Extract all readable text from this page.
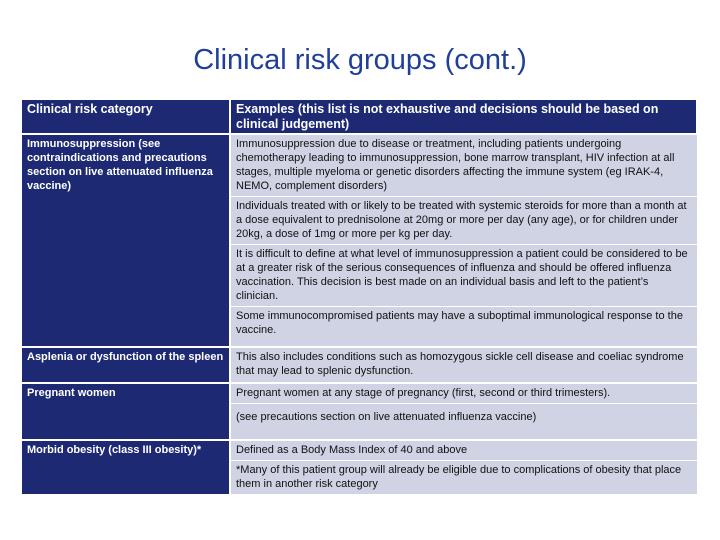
Clinical risk groups (cont.)
Clinical risk category	Examples (this list is not exhaustive and decisions should be based on clinical judgement)
Immunosuppression (see contraindications and precautions section on live attenuated influenza vaccine)	Immunosuppression due to disease or treatment, including patients undergoing chemotherapy leading to immunosuppression, bone marrow transplant, HIV infection at all stages, multiple myeloma or genetic disorders affecting the immune system (eg IRAK-4, NEMO, complement disorders)

Individuals treated with or likely to be treated with systemic steroids for more than a month at a dose equivalent to prednisolone at 20mg or more per day (any age), or for children under 20kg, a dose of 1mg or more per kg per day.

It is difficult to define at what level of immunosuppression a patient could be considered to be at a greater risk of the serious consequences of influenza and should be offered influenza vaccination. This decision is best made on an individual basis and left to the patient’s clinician.

Some immunocompromised patients may have a suboptimal immunological response to the vaccine.

Asplenia or dysfunction of the spleen	This also includes conditions such as homozygous sickle cell disease and coeliac syndrome that may lead to splenic dysfunction.

Pregnant women	Pregnant women at any stage of pregnancy (first, second or third trimesters).

(see precautions section on live attenuated influenza vaccine)

Morbid obesity (class III obesity)*	Defined as a Body Mass Index of 40 and above

*Many of this patient group will already be eligible due to complications of obesity that place them in another risk category
